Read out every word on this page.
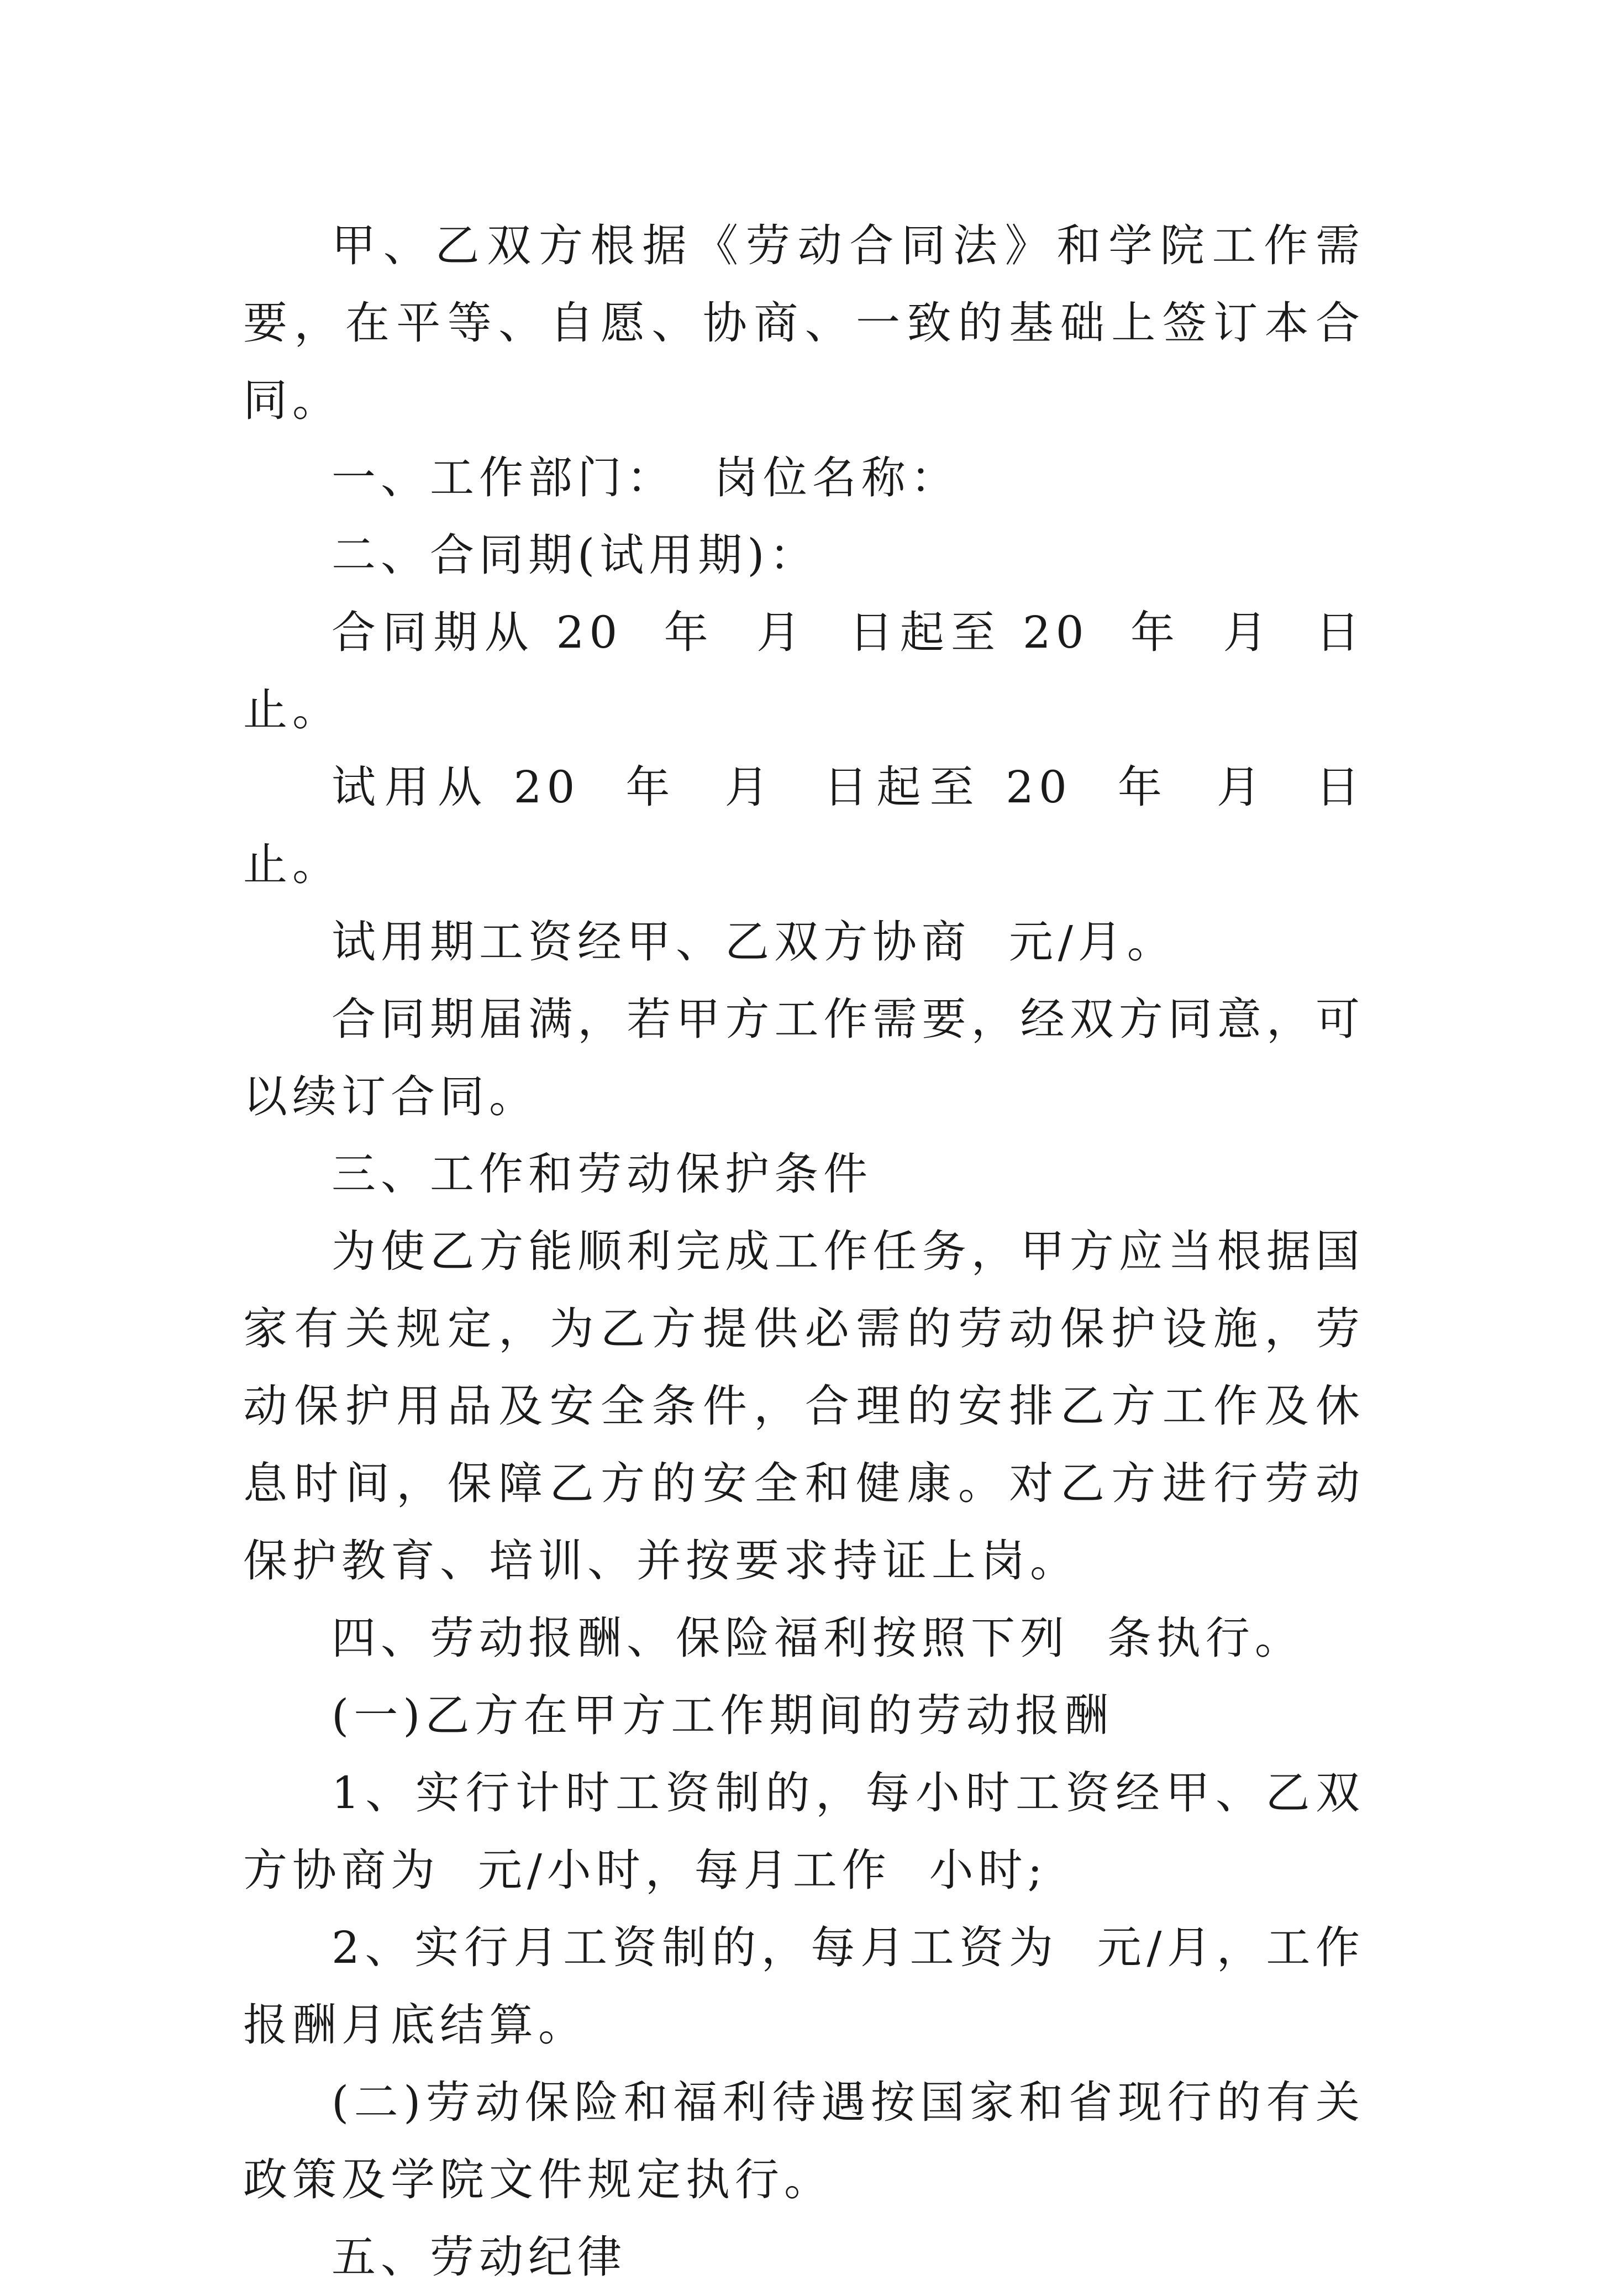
甲、乙双方根据《劳动合同法》和学院工作需要，在平等、自愿、协商、一致的基础上签订本合同。

一、工作部门：  岗位名称：

二、合同期(试用期)：

合同期从 20  年  月  日起至 20  年  月  日止。

试用从 20  年  月  日起至 20  年  月  日止。

试用期工资经甲、乙双方协商  元/月。

合同期届满，若甲方工作需要，经双方同意，可以续订合同。

三、工作和劳动保护条件

为使乙方能顺利完成工作任务，甲方应当根据国家有关规定，为乙方提供必需的劳动保护设施，劳动保护用品及安全条件，合理的安排乙方工作及休息时间，保障乙方的安全和健康。对乙方进行劳动保护教育、培训、并按要求持证上岗。

四、劳动报酬、保险福利按照下列  条执行。

(一)乙方在甲方工作期间的劳动报酬

1、实行计时工资制的，每小时工资经甲、乙双方协商为  元/小时，每月工作  小时;

2、实行月工资制的，每月工资为  元/月，工作报酬月底结算。

(二)劳动保险和福利待遇按国家和省现行的有关政策及学院文件规定执行。

五、劳动纪律
